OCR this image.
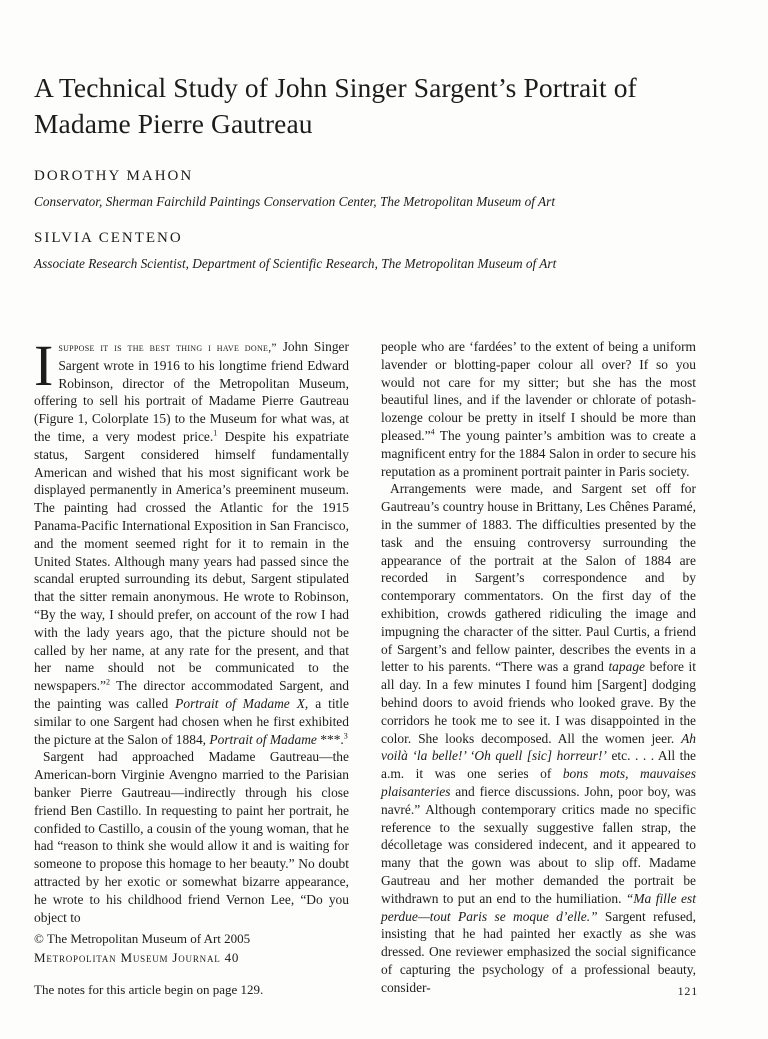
A Technical Study of John Singer Sargent’s Portrait of Madame Pierre Gautreau

DOROTHY MAHON

Conservator, Sherman Fairchild Paintings Conservation Center, The Metropolitan Museum of Art

SILVIA CENTENO

Associate Research Scientist, Department of Scientific Research, The Metropolitan Museum of Art

Isuppose it is the best thing i have done,” John Singer Sargent wrote in 1916 to his longtime friend Edward Robinson, director of the Metropolitan Museum, offering to sell his portrait of Madame Pierre Gautreau (Figure 1, Colorplate 15) to the Museum for what was, at the time, a very modest price.$^1$ Despite his expatriate status, Sargent considered himself fundamentally American and wished that his most significant work be displayed permanently in America’s preeminent museum. The painting had crossed the Atlantic for the 1915 Panama-Pacific International Exposition in San Francisco, and the moment seemed right for it to remain in the United States. Although many years had passed since the scandal erupted surrounding its debut, Sargent stipulated that the sitter remain anonymous. He wrote to Robinson, “By the way, I should prefer, on account of the row I had with the lady years ago, that the picture should not be called by her name, at any rate for the present, and that her name should not be communicated to the newspapers.”$^2$ The director accommodated Sargent, and the painting was called Portrait of Madame X, a title similar to one Sargent had chosen when he first exhibited the picture at the Salon of 1884, Portrait of Madame ***.$^3$

Sargent had approached Madame Gautreau—the American-born Virginie Avengno married to the Parisian banker Pierre Gautreau—indirectly through his close friend Ben Castillo. In requesting to paint her portrait, he confided to Castillo, a cousin of the young woman, that he had “reason to think she would allow it and is waiting for someone to propose this homage to her beauty.” No doubt attracted by her exotic or somewhat bizarre appearance, he wrote to his childhood friend Vernon Lee, “Do you object to

people who are ‘fardées’ to the extent of being a uniform lavender or blotting-paper colour all over? If so you would not care for my sitter; but she has the most beautiful lines, and if the lavender or chlorate of potash-lozenge colour be pretty in itself I should be more than pleased.”$^4$ The young painter’s ambition was to create a magnificent entry for the 1884 Salon in order to secure his reputation as a prominent portrait painter in Paris society.

Arrangements were made, and Sargent set off for Gautreau’s country house in Brittany, Les Chênes Paramé, in the summer of 1883. The difficulties presented by the task and the ensuing controversy surrounding the appearance of the portrait at the Salon of 1884 are recorded in Sargent’s correspondence and by contemporary commentators. On the first day of the exhibition, crowds gathered ridiculing the image and impugning the character of the sitter. Paul Curtis, a friend of Sargent’s and fellow painter, describes the events in a letter to his parents. “There was a grand tapage before it all day. In a few minutes I found him [Sargent] dodging behind doors to avoid friends who looked grave. By the corridors he took me to see it. I was disappointed in the color. She looks decomposed. All the women jeer. Ah voilà ‘la belle!’ ‘Oh quell [sic] horreur!’ etc. . . . All the a.m. it was one series of bons mots, mauvaises plaisanteries and fierce discussions. John, poor boy, was navré.” Although contemporary critics made no specific reference to the sexually suggestive fallen strap, the décolletage was considered indecent, and it appeared to many that the gown was about to slip off. Madame Gautreau and her mother demanded the portrait be withdrawn to put an end to the humiliation. “Ma fille est perdue—tout Paris se moque d’elle.” Sargent refused, insisting that he had painted her exactly as she was dressed. One reviewer emphasized the social significance of capturing the psychology of a professional beauty, consider-

© The Metropolitan Museum of Art 2005

Metropolitan Museum Journal 40

The notes for this article begin on page 129.	121
